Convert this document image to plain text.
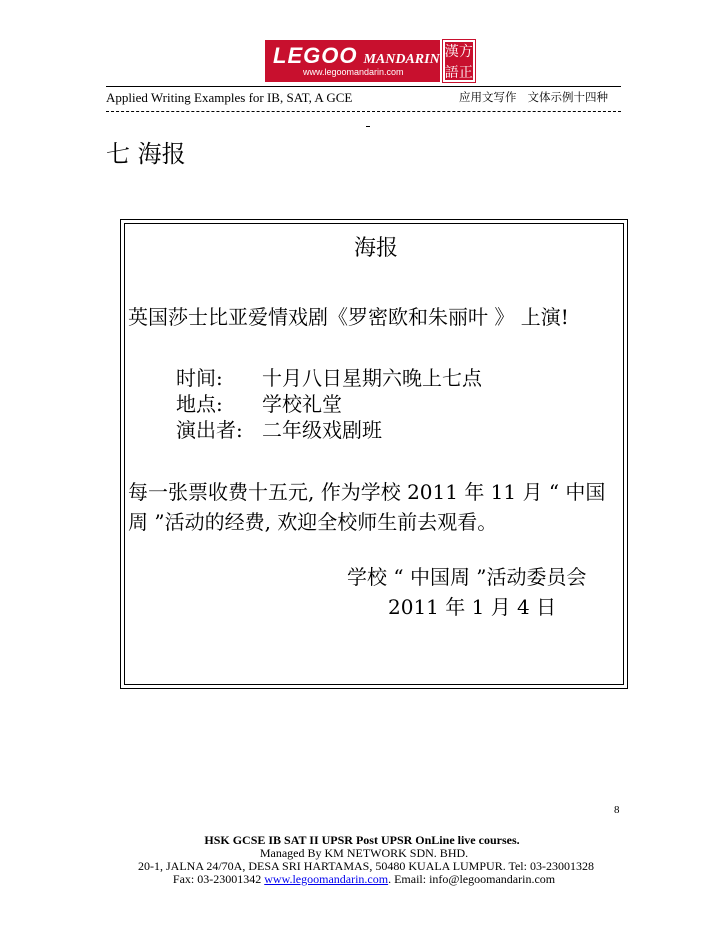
LEGOO MANDARIN
www.legoomandarin.com
漢 方
語 正
Applied Writing Examples for IB, SAT, A GCE	应用文写作   文体示例十四种
七 海报
海报
英国莎士比亚爱情戏剧《罗密欧和朱丽叶 》 上演!
时间: 十月八日星期六晚上七点
地点: 学校礼堂
演出者: 二年级戏剧班
每一张票收费十五元, 作为学校 2011 年 11 月 “ 中国
周 ”活动的经费, 欢迎全校师生前去观看。
学校 “ 中国周 ”活动委员会
2011 年 1 月 4 日
8
HSK GCSE IB SAT II UPSR Post UPSR OnLine live courses.
Managed By KM NETWORK SDN. BHD.
20-1, JALNA 24/70A, DESA SRI HARTAMAS, 50480 KUALA LUMPUR. Tel: 03-23001328
Fax: 03-23001342 www.legoomandarin.com. Email: info@legoomandarin.com
